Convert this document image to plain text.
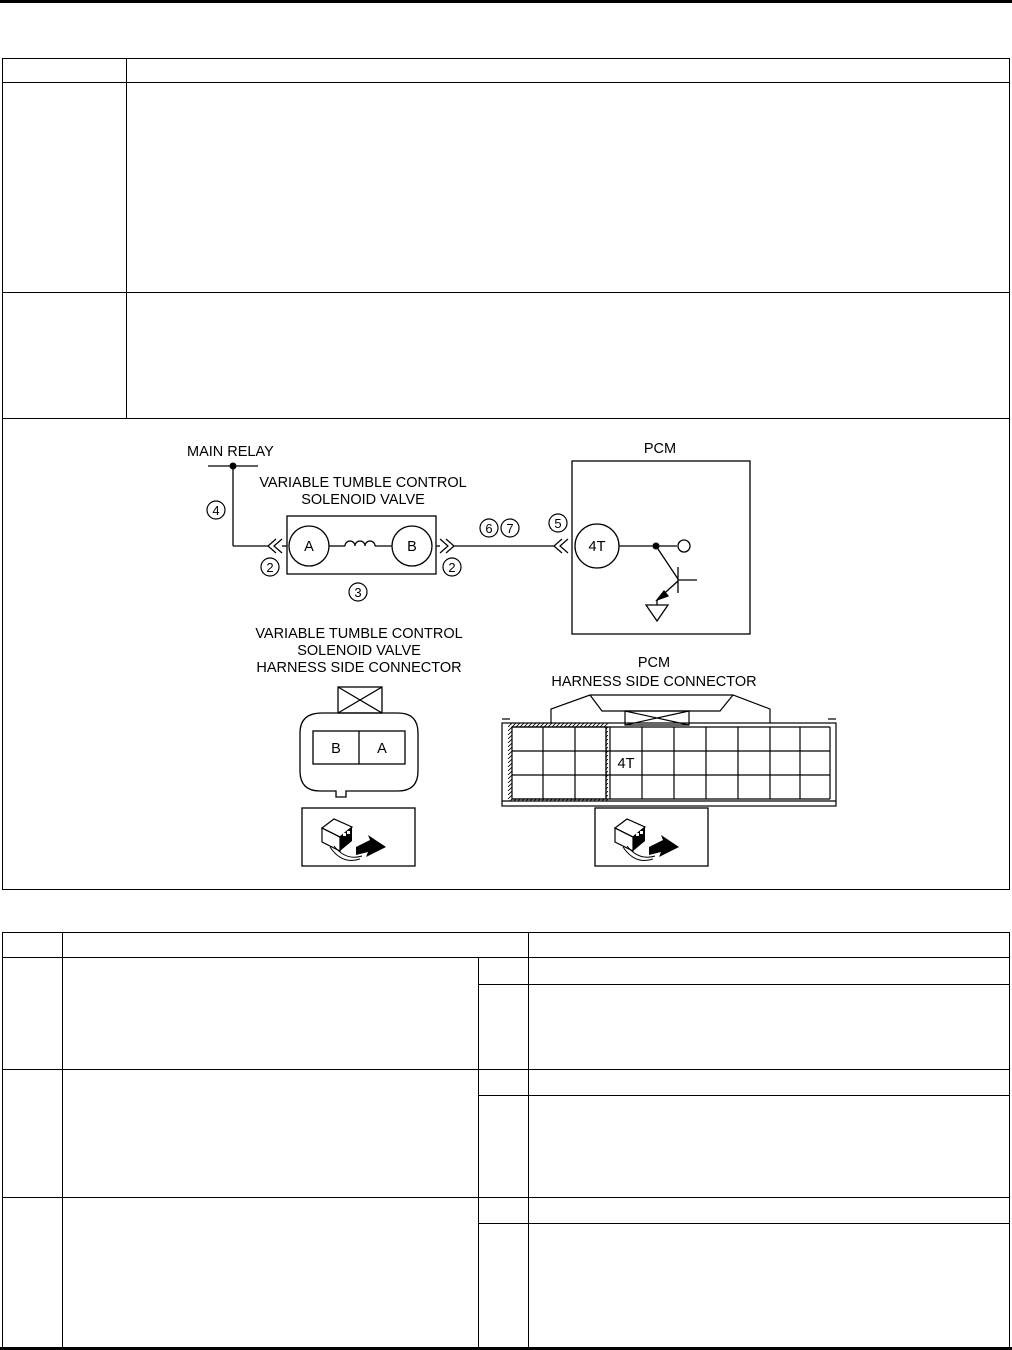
MAIN RELAY
4
VARIABLE TUMBLE CONTROL
SOLENOID VALVE
A	B
2	2
3
6 7	5
PCM
4T
VARIABLE TUMBLE CONTROL
SOLENOID VALVE
HARNESS SIDE CONNECTOR
B	A
PCM
HARNESS SIDE CONNECTOR
4T
